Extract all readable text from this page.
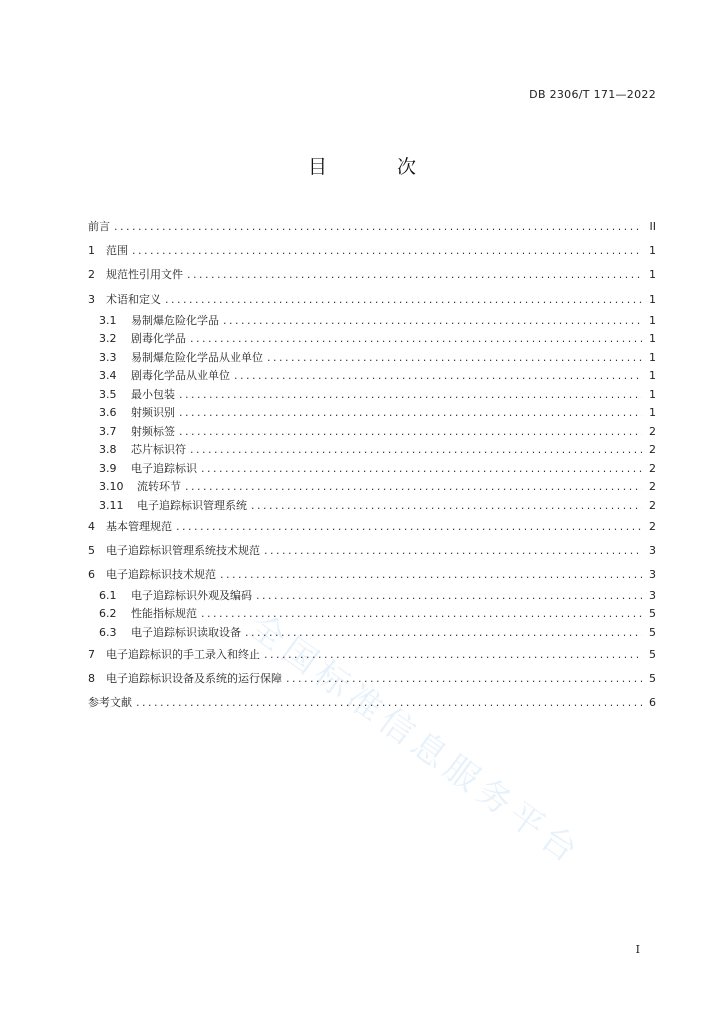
DB 2306/T 171—2022
目 次
全国标准信息服务平台
前言 .....	II
1	范围 .....	1
2	规范性引用文件 .....	1
3	术语和定义 .....	1
3.1	易制爆危险化学品 .....	1
3.2	剧毒化学品 .....	1
3.3	易制爆危险化学品从业单位 .....	1
3.4	剧毒化学品从业单位 .....	1
3.5	最小包装 .....	1
3.6	射频识别 .....	1
3.7	射频标签 .....	2
3.8	芯片标识符 .....	2
3.9	电子追踪标识 .....	2
3.10	流转环节 .....	2
3.11	电子追踪标识管理系统 .....	2
4	基本管理规范 .....	2
5	电子追踪标识管理系统技术规范 .....	3
6	电子追踪标识技术规范 .....	3
6.1	电子追踪标识外观及编码 .....	3
6.2	性能指标规范 .....	5
6.3	电子追踪标识读取设备 .....	5
7	电子追踪标识的手工录入和终止 .....	5
8	电子追踪标识设备及系统的运行保障 .....	5
参考文献 .....	6
I
